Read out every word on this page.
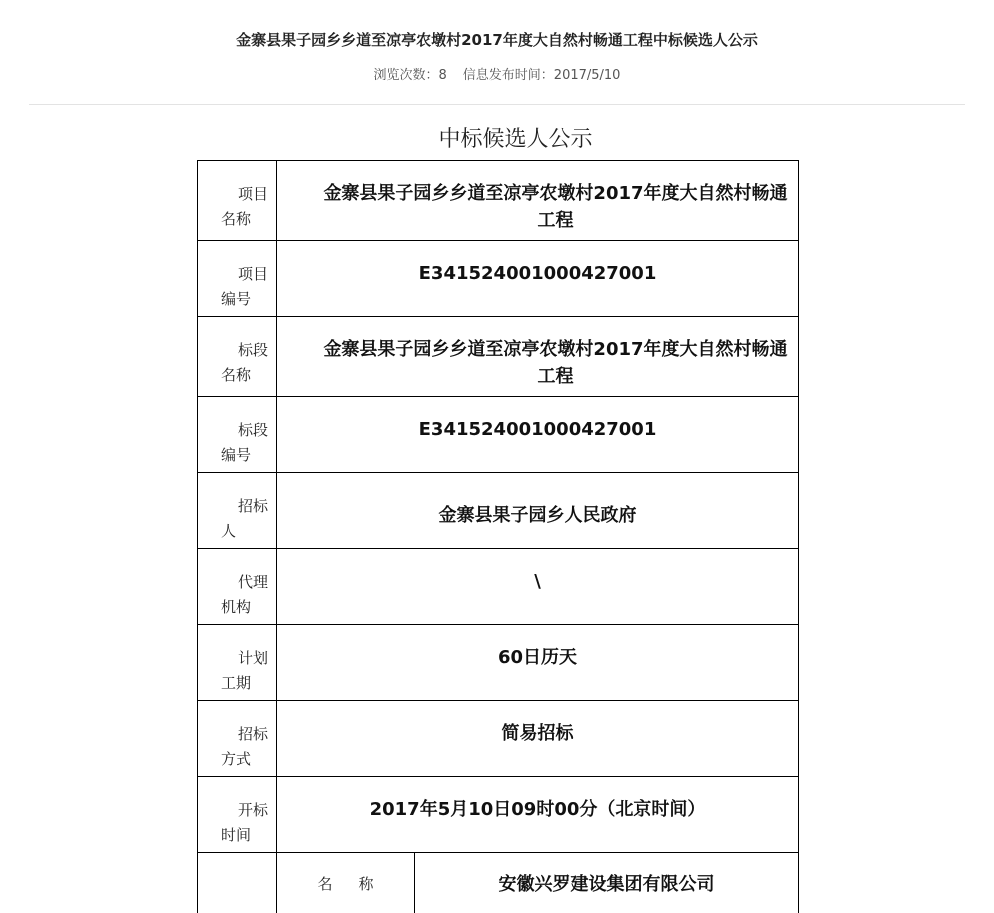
金寨县果子园乡乡道至凉亭农墩村2017年度大自然村畅通工程中标候选人公示
浏览次数：8 信息发布时间：2017/5/10
中标候选人公示
项目
名称
金寨县果子园乡乡道至凉亭农墩村2017年度大自然村畅通工程
项目
编号
E341524001000427001
标段
名称
金寨县果子园乡乡道至凉亭农墩村2017年度大自然村畅通工程
标段
编号
E341524001000427001
招标
人
金寨县果子园乡人民政府
代理
机构
\
计划
工期
60日历天
招标
方式
简易招标
开标
时间
2017年5月10日09时00分（北京时间）
名 称	安徽兴罗建设集团有限公司
